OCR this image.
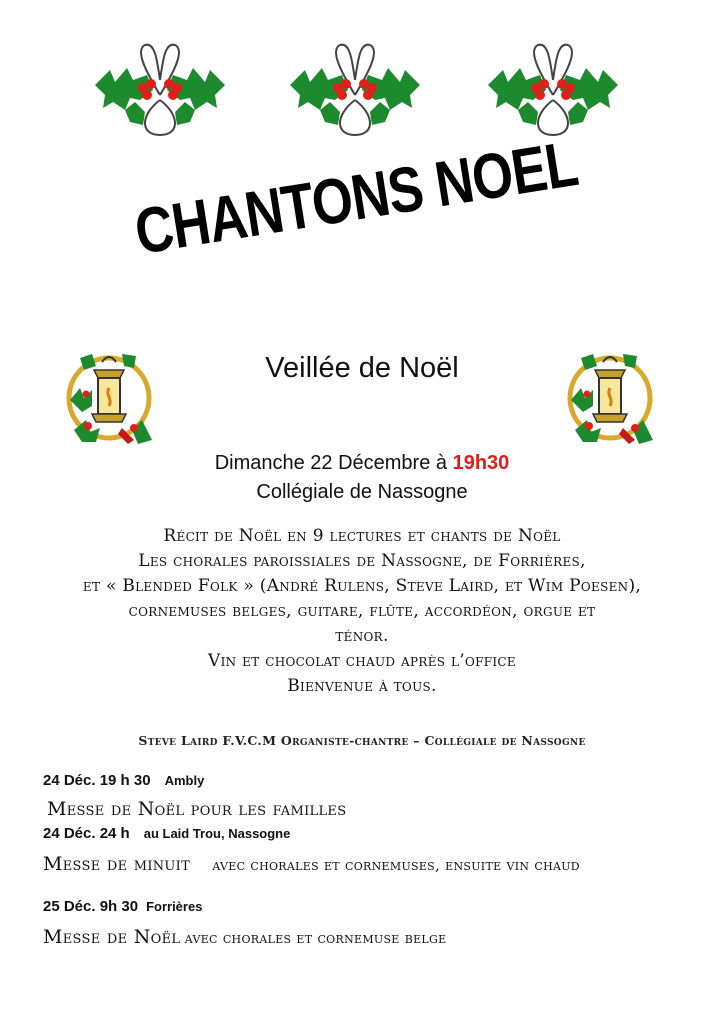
CHANTONS NOEL
Veillée de Noël
Dimanche 22 Décembre à 19h30
Collégiale de Nassogne
Récit de Noël en 9 lectures et chants de Noël
Les chorales paroissiales de Nassogne, de Forrières,
et « Blended Folk » (André Rulens, Steve Laird, et Wim Poesen),
cornemuses belges, guitare, flûte, accordéon, orgue et
ténor.
Vin et chocolat chaud après l’office
Bienvenue à tous.
Steve Laird F.V.C.M Organiste-chantre – Collégiale de Nassogne
24 Déc. 19 h 30 Ambly
Messe de Noël pour les familles
24 Déc. 24 h au Laid Trou, Nassogne
Messe de minuit avec chorales et cornemuses, ensuite vin chaud
25 Déc. 9h 30 Forrières
Messe de Noël avec chorales et cornemuse belge
